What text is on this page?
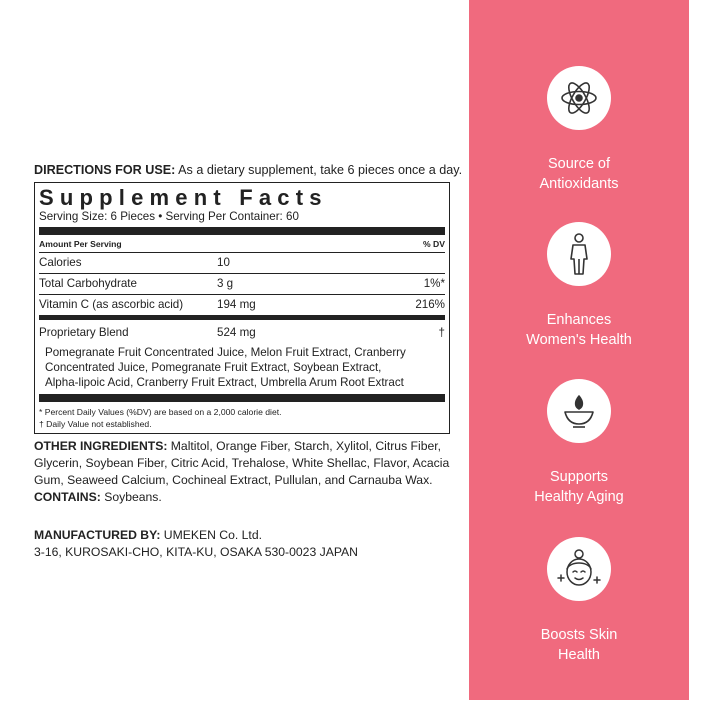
DIRECTIONS FOR USE: As a dietary supplement, take 6 pieces once a day.
Supplement Facts
Serving Size: 6 Pieces • Serving Per Container: 60
Amount Per Serving	% DV
Calories	10
Total Carbohydrate	3 g	1%*
Vitamin C (as ascorbic acid)	194 mg	216%
Proprietary Blend	524 mg	†
Pomegranate Fruit Concentrated Juice, Melon Fruit Extract, Cranberry
Concentrated Juice, Pomegranate Fruit Extract, Soybean Extract,
Alpha-lipoic Acid, Cranberry Fruit Extract, Umbrella Arum Root Extract
* Percent Daily Values (%DV) are based on a 2,000 calorie diet.
† Daily Value not established.
OTHER INGREDIENTS: Maltitol, Orange Fiber, Starch, Xylitol, Citrus Fiber, Glycerin, Soybean Fiber, Citric Acid, Trehalose, White Shellac, Flavor, Acacia Gum, Seaweed Calcium, Cochineal Extract, Pullulan, and Carnauba Wax.
CONTAINS: Soybeans.
MANUFACTURED BY: UMEKEN Co. Ltd.
3-16, KUROSAKI-CHO, KITA-KU, OSAKA 530-0023 JAPAN
Source of
Antioxidants
Enhances
Women's Health
Supports
Healthy Aging
Boosts Skin
Health
